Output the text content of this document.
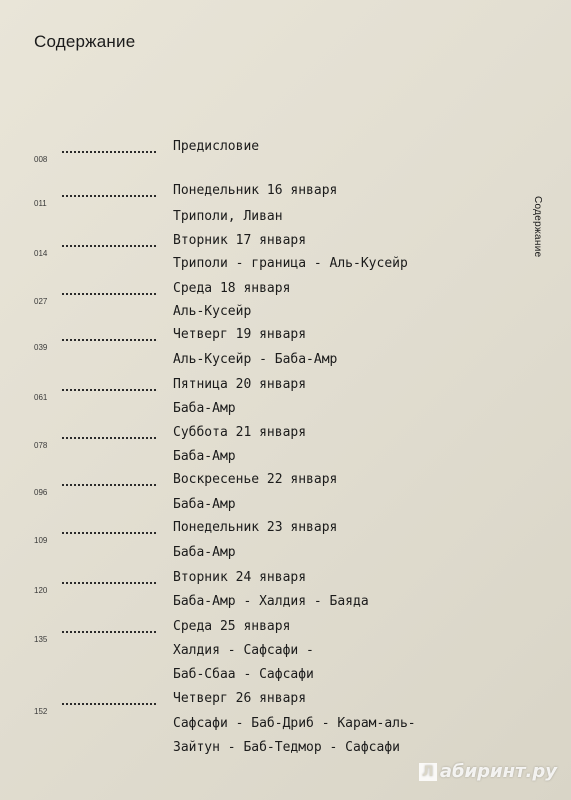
Содержание
Содержание
008
Предисловие
011
Понедельник 16 января
Триполи, Ливан
014
Вторник 17 января
Триполи - граница - Аль-Кусейр
027
Среда 18 января
Аль-Кусейр
039
Четверг 19 января
Аль-Кусейр - Баба-Амр
061
Пятница 20 января
Баба-Амр
078
Суббота 21 января
Баба-Амр
096
Воскресенье 22 января
Баба-Амр
109
Понедельник 23 января
Баба-Амр
120
Вторник 24 января
Баба-Амр - Халдия - Баяда
135
Среда 25 января
Халдия - Сафсафи -
Баб-Сбаа - Сафсафи
152
Четверг 26 января
Сафсафи - Баб-Дриб - Карам-аль-
Зайтун - Баб-Тедмор - Сафсафи
Л абиринт.ру
